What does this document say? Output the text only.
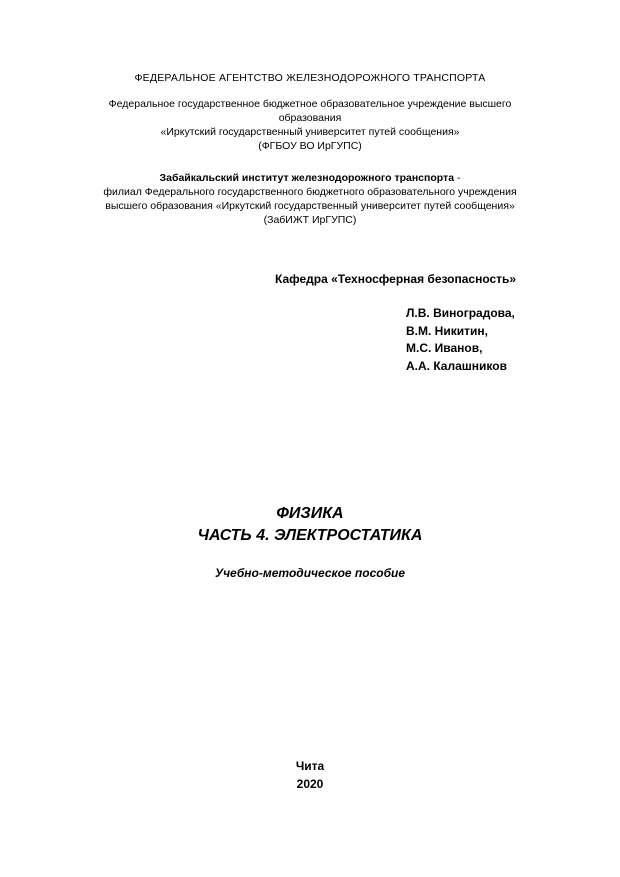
ФЕДЕРАЛЬНОЕ АГЕНТСТВО ЖЕЛЕЗНОДОРОЖНОГО ТРАНСПОРТА
Федеральное государственное бюджетное образовательное учреждение высшего
образования
«Иркутский государственный университет путей сообщения»
(ФГБОУ ВО ИрГУПС)
Забайкальский институт железнодорожного транспорта -
филиал Федерального государственного бюджетного образовательного учреждения
высшего образования «Иркутский государственный университет путей сообщения»
(ЗабИЖТ ИрГУПС)
Кафедра «Техносферная безопасность»
Л.В. Виноградова,
В.М. Никитин,
М.С. Иванов,
А.А. Калашников
ФИЗИКА
ЧАСТЬ 4. ЭЛЕКТРОСТАТИКА
Учебно-методическое пособие
Чита
2020
